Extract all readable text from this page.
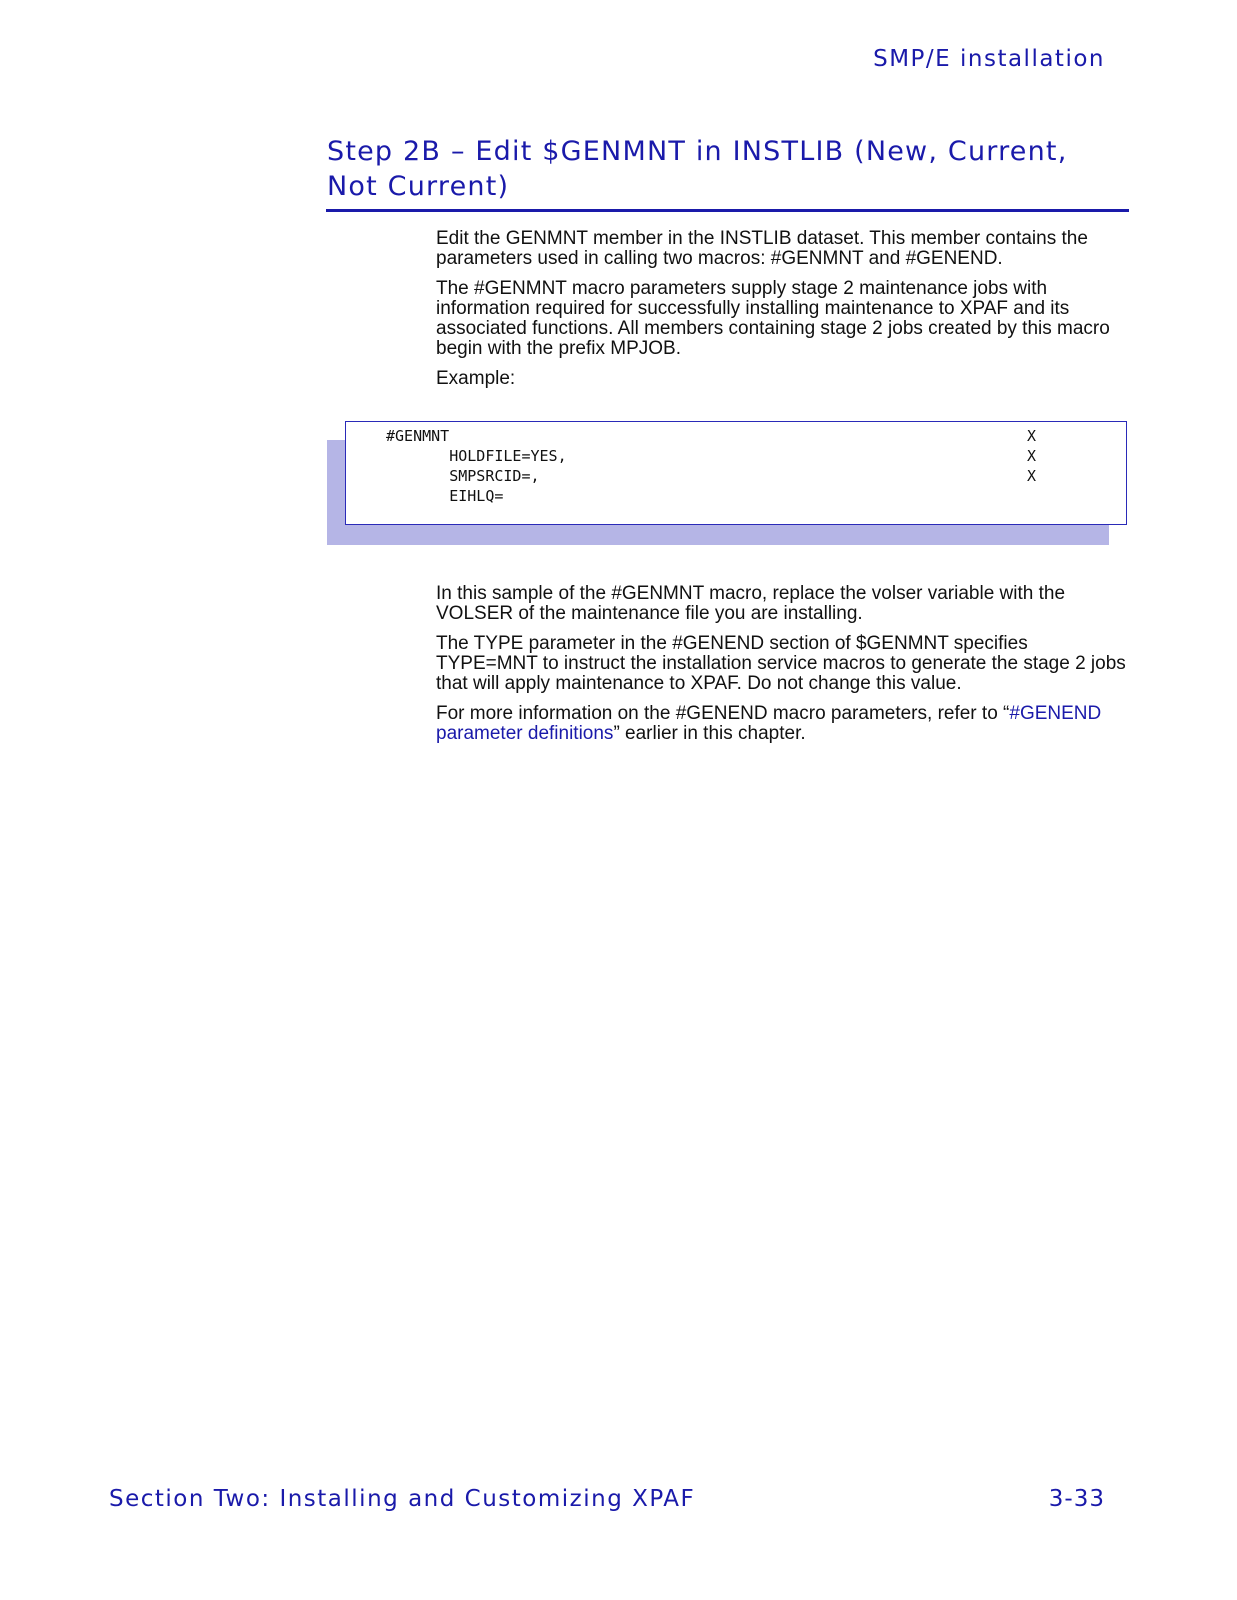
SMP/E installation
Step 2B – Edit $GENMNT in INSTLIB (New, Current, Not Current)

Edit the GENMNT member in the INSTLIB dataset. This member contains the parameters used in calling two macros: #GENMNT and #GENEND.

The #GENMNT macro parameters supply stage 2 maintenance jobs with information required for successfully installing maintenance to XPAF and its associated functions. All members containing stage 2 jobs created by this macro begin with the prefix MPJOB.

Example:

#GENMNT	X
HOLDFILE=YES,	X
SMPSRCID=,	X
EIHLQ=

In this sample of the #GENMNT macro, replace the volser variable with the VOLSER of the maintenance file you are installing.

The TYPE parameter in the #GENEND section of $GENMNT specifies TYPE=MNT to instruct the installation service macros to generate the stage 2 jobs that will apply maintenance to XPAF. Do not change this value.

For more information on the #GENEND macro parameters, refer to “#GENEND parameter definitions” earlier in this chapter.

Section Two: Installing and Customizing XPAF	3-33
